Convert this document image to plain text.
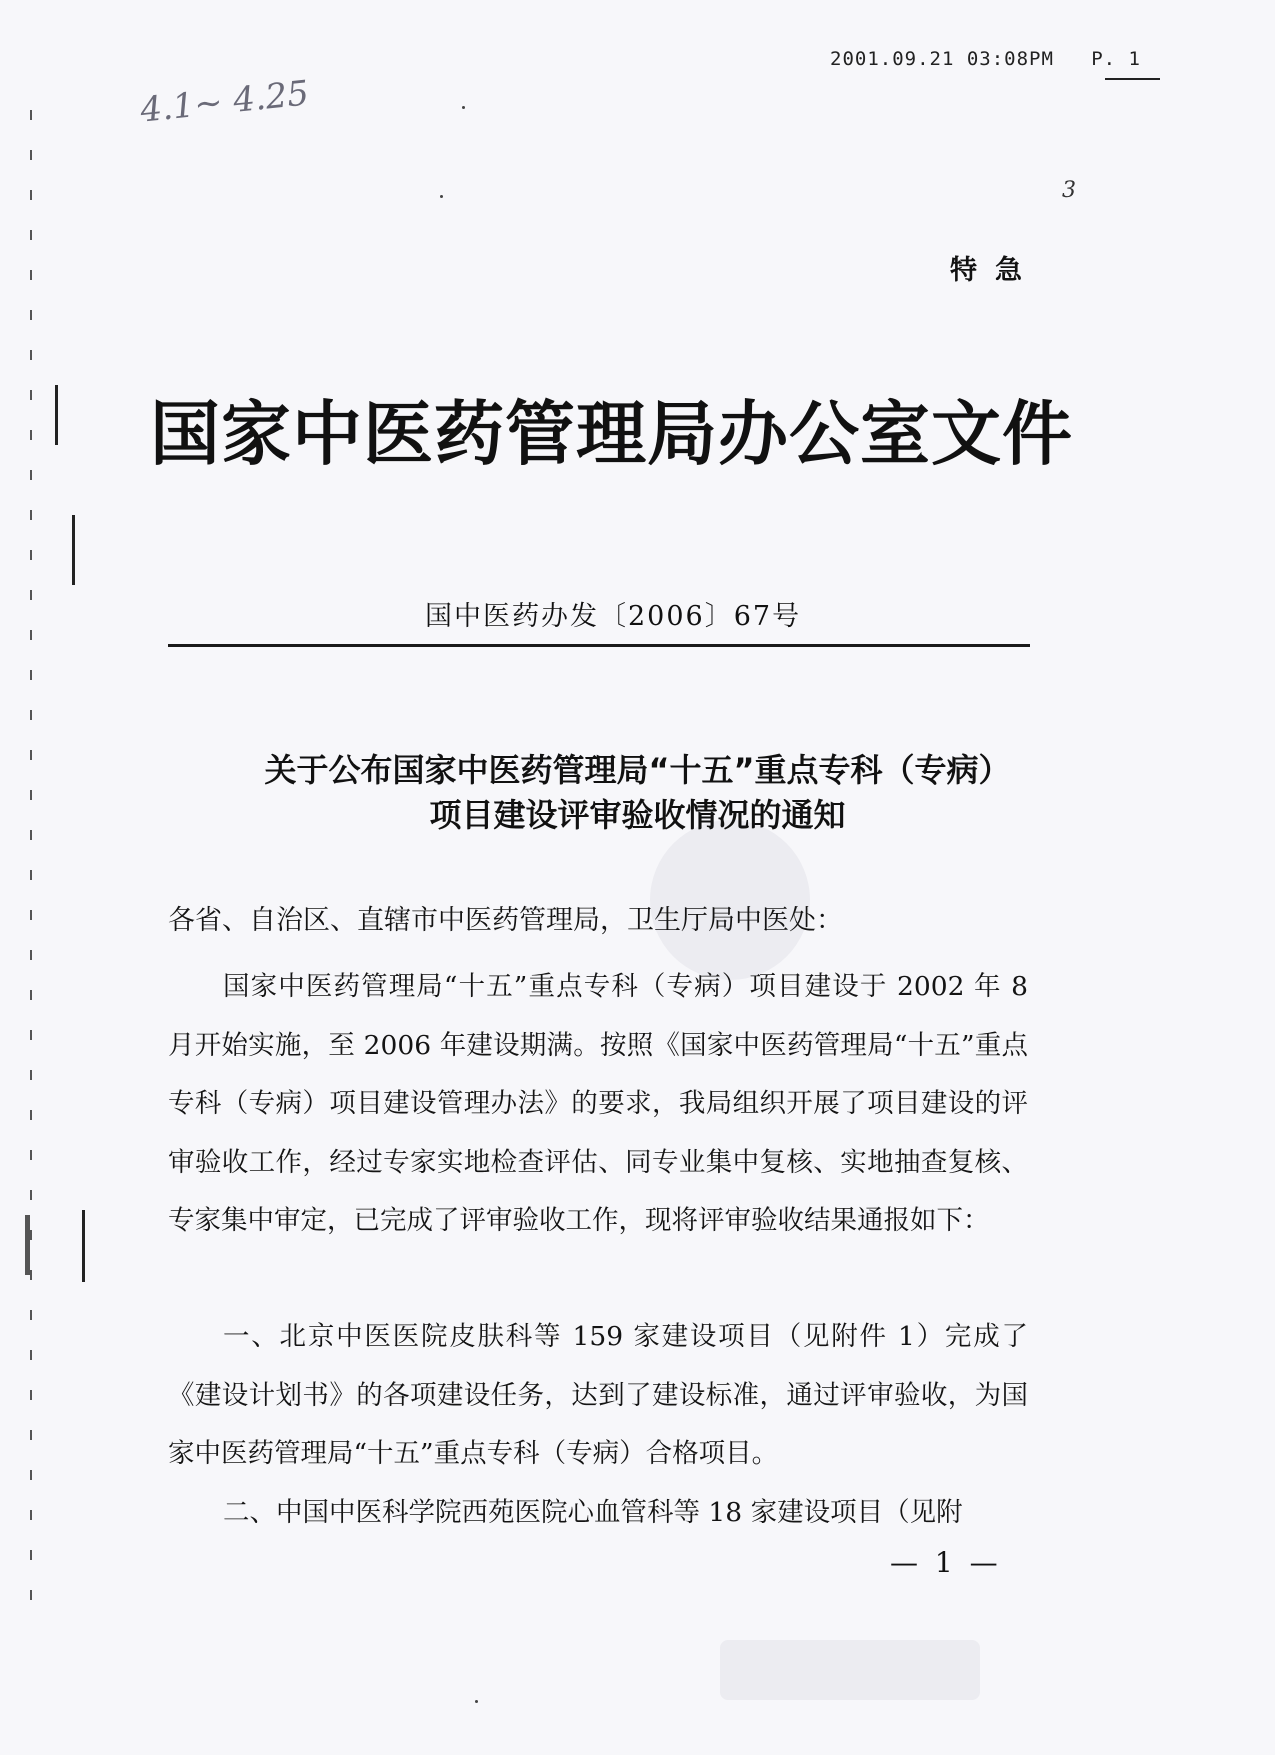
2001.09.21 03:08PM P. 1
4.1~ 4.25
3
特急
国家中医药管理局办公室文件
国中医药办发〔2006〕67号
关于公布国家中医药管理局“十五”重点专科（专病）
项目建设评审验收情况的通知
各省、自治区、直辖市中医药管理局，卫生厅局中医处：

国家中医药管理局“十五”重点专科（专病）项目建设于 2002 年 8 月开始实施，至 2006 年建设期满。按照《国家中医药管理局“十五”重点专科（专病）项目建设管理办法》的要求，我局组织开展了项目建设的评审验收工作，经过专家实地检查评估、同专业集中复核、实地抽查复核、专家集中审定，已完成了评审验收工作，现将评审验收结果通报如下：

一、北京中医医院皮肤科等 159 家建设项目（见附件 1）完成了《建设计划书》的各项建设任务，达到了建设标准，通过评审验收，为国家中医药管理局“十五”重点专科（专病）合格项目。

二、中国中医科学院西苑医院心血管科等 18 家建设项目（见附

— 1 —
